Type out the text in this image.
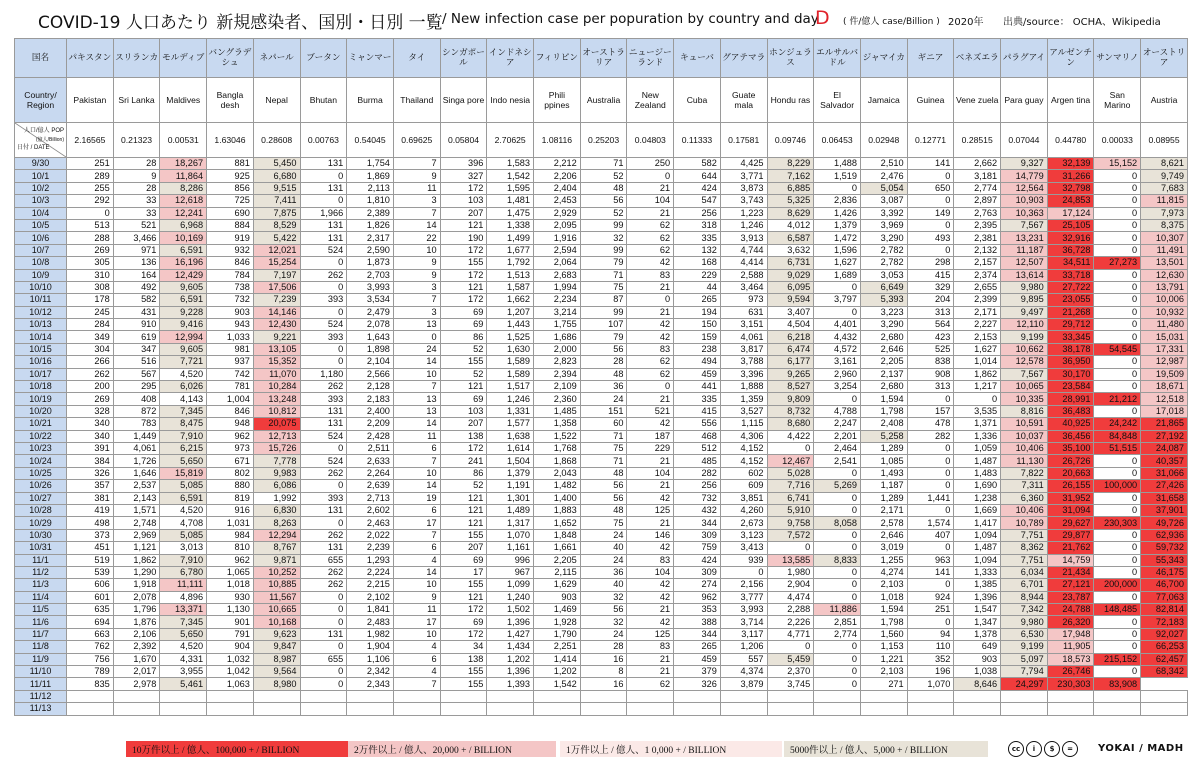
COVID-19 人口あたり 新規感染者、国別・日別 一覧 / New infection case per popuration by country and day
D ( 件/億人 case/Billion ) 2020年 出典/source： OCHA、Wikipedia
国名	パキスタン	スリランカ	モルディブ	バングラデシュ	ネパール	ブータン	ミャンマー	タイ	シンガポール	インドネシア	フィリピン	オーストラリア	ニュージーランド	キューバ	グアテマラ	ホンジュラス	エルサルバドル	ジャマイカ	ギニア	ベネズエラ	パラグアイ	アルゼンチン	サンマリノ	オーストリア
Country/ Region	Pakistan	Sri Lanka	Maldives	Bangla desh	Nepal	Bhutan	Burma	Thailand	Singa pore	Indo nesia	Phili ppines	Australia	New Zealand	Cuba	Guate mala	Hondu ras	El Salvador	Jamaica	Guinea	Vene zuela	Para guay	Argen tina	San Marino	Austria

人口/億人 POP
(億人/Billion)
日付 / DATE	2.16565	0.21323	0.00531	1.63046	0.28608	0.00763	0.54045	0.69625	0.05804	2.70625	1.08116	0.25203	0.04803	0.11333	0.17581	0.09746	0.06453	0.02948	0.12771	0.28515	0.07044	0.44780	0.00033	0.08955
9/30	251	28	18,267	881	5,450	131	1,754	7	396	1,583	2,212	71	250	582	4,425	8,229	1,488	2,510	141	2,662	9,327	32,139	15,152	8,621
10/1	289	9	11,864	925	6,680	0	1,869	9	327	1,542	2,206	52	0	644	3,771	7,162	1,519	2,476	0	3,181	14,779	31,266	0	9,749
10/2	255	28	8,286	856	9,515	131	2,113	11	172	1,595	2,404	48	21	424	3,873	6,885	0	5,054	650	2,774	12,564	32,798	0	7,683
10/3	292	33	12,618	725	7,411	0	1,810	3	103	1,481	2,453	56	104	547	3,743	5,325	2,836	3,087	0	2,897	10,903	24,853	0	11,815
10/4	0	33	12,241	690	7,875	1,966	2,389	7	207	1,475	2,929	52	21	256	1,223	8,629	1,426	3,392	149	2,763	10,363	17,124	0	7,973
10/5	513	521	6,968	884	8,529	131	1,826	14	121	1,338	2,095	99	62	318	1,246	4,012	1,379	3,969	0	2,395	7,567	25,105	0	8,375
10/6	288	3,466	10,169	919	5,422	131	2,317	22	190	1,499	1,916	32	62	335	3,913	6,587	1,472	3,290	493	2,381	13,231	32,916	0	10,307
10/7	269	971	6,591	932	12,021	524	2,590	10	172	1,677	2,594	99	62	132	4,744	3,632	1,596	2,782	0	2,132	11,187	36,728	0	11,491
10/8	305	136	16,196	846	15,254	0	1,873	9	155	1,792	2,064	79	42	168	4,414	6,731	1,627	2,782	298	2,157	12,507	34,511	27,273	13,501
10/9	310	164	12,429	784	7,197	262	2,703	9	172	1,513	2,683	71	83	229	2,588	9,029	1,689	3,053	415	2,374	13,614	33,718	0	12,630
10/10	308	492	9,605	738	17,506	0	3,993	3	121	1,587	1,994	75	21	44	3,464	6,095	0	6,649	329	2,655	9,980	27,722	0	13,791
10/11	178	582	6,591	732	7,239	393	3,534	7	172	1,662	2,234	87	0	265	973	9,594	3,797	5,393	204	2,399	9,895	23,055	0	10,006
10/12	245	431	9,228	903	14,146	0	2,479	3	69	1,207	3,214	99	21	194	631	3,407	0	3,223	313	2,171	9,497	21,268	0	10,932
10/13	284	910	9,416	943	12,430	524	2,078	13	69	1,443	1,755	107	42	150	3,151	4,504	4,401	3,290	564	2,227	12,110	29,712	0	11,480
10/14	349	619	12,994	1,033	9,221	393	1,643	0	86	1,525	1,686	79	42	159	4,061	6,218	4,432	2,680	423	2,153	9,199	33,345	0	15,031
10/15	304	347	9,605	981	13,105	0	1,898	24	52	1,630	2,000	56	83	238	3,817	6,474	4,572	2,646	525	1,627	10,662	38,178	54,545	17,331
10/16	266	516	7,721	937	15,352	0	2,104	14	155	1,589	2,823	28	62	494	3,788	6,177	3,161	2,205	838	1,014	12,578	36,950	0	12,987
10/17	262	567	4,520	742	11,070	1,180	2,566	10	52	1,589	2,394	48	62	459	3,396	9,265	2,960	2,137	908	1,862	7,567	30,170	0	19,509
10/18	200	295	6,026	781	10,284	262	2,128	7	121	1,517	2,109	36	0	441	1,888	8,527	3,254	2,680	313	1,217	10,065	23,584	0	18,671
10/19	269	408	4,143	1,004	13,248	393	2,183	13	69	1,246	2,360	24	21	335	1,359	9,809	0	1,594	0	0	10,335	28,991	21,212	12,518
10/20	328	872	7,345	846	10,812	131	2,400	13	103	1,331	1,485	151	521	415	3,527	8,732	4,788	1,798	157	3,535	8,816	36,483	0	17,018
10/21	340	783	8,475	948	20,075	131	2,209	14	207	1,577	1,358	60	42	556	1,115	8,680	2,247	2,408	478	1,371	10,591	40,925	24,242	21,865
10/22	340	1,449	7,910	962	12,713	524	2,428	11	138	1,638	1,522	71	187	468	4,306	4,422	2,201	5,258	282	1,336	10,037	36,456	84,848	27,192
10/23	391	4,061	6,215	973	15,726	0	2,511	6	172	1,614	1,768	75	229	512	4,152	0	2,464	1,289	0	1,059	10,406	35,100	51,515	24,087
10/24	384	1,726	5,650	671	7,778	524	2,633	7	241	1,504	1,868	71	21	485	4,152	12,467	2,541	1,085	0	1,487	11,130	26,726	0	40,357
10/25	326	1,646	15,819	802	9,983	262	2,264	10	86	1,379	2,043	48	104	282	602	5,028	0	1,493	0	1,483	7,822	20,663	0	31,066
10/26	357	2,537	5,085	880	6,086	0	2,639	14	52	1,191	1,482	56	21	256	609	7,716	5,269	1,187	0	1,690	7,311	26,155	100,000	27,426
10/27	381	2,143	6,591	819	1,992	393	2,713	19	121	1,301	1,400	56	42	732	3,851	6,741	0	1,289	1,441	1,238	6,360	31,952	0	31,658
10/28	419	1,571	4,520	916	6,830	131	2,602	6	121	1,489	1,883	48	125	432	4,260	5,910	0	2,171	0	1,669	10,406	31,094	0	37,901
10/29	498	2,748	4,708	1,031	8,263	0	2,463	17	121	1,317	1,652	75	21	344	2,673	9,758	8,058	2,578	1,574	1,417	10,789	29,627	230,303	49,726
10/30	373	2,969	5,085	984	12,294	262	2,022	7	155	1,070	1,848	24	146	309	3,123	7,572	0	2,646	407	1,094	7,751	29,877	0	62,936
10/31	451	1,121	3,013	810	8,767	131	2,239	6	207	1,161	1,661	40	42	759	3,413	0	0	3,019	0	1,487	8,362	21,762	0	59,732
11/1	519	1,862	7,910	962	9,871	655	1,293	4	69	996	2,205	24	83	424	939	13,585	8,833	1,255	963	1,094	7,751	14,759	0	55,343
11/2	539	1,290	6,780	1,065	10,252	262	2,224	14	17	967	2,115	36	104	309	0	1,980	0	4,274	141	1,333	6,034	21,434	0	46,175
11/3	606	1,918	11,111	1,018	10,885	262	2,215	10	155	1,099	1,629	40	42	274	2,156	2,904	0	2,103	0	1,385	6,701	27,121	200,000	46,700
11/4	601	2,078	4,896	930	11,567	0	2,102	9	121	1,240	903	32	42	962	3,777	4,474	0	1,018	924	1,396	8,944	23,787	0	77,063
11/5	635	1,796	13,371	1,130	10,665	0	1,841	11	172	1,502	1,469	56	21	353	3,993	2,288	11,886	1,594	251	1,547	7,342	24,788	148,485	82,814
11/6	694	1,876	7,345	901	10,168	0	2,483	17	69	1,396	1,928	32	42	388	3,714	2,226	2,851	1,798	0	1,347	9,980	26,320	0	72,183
11/7	663	2,106	5,650	791	9,623	131	1,982	10	172	1,427	1,790	24	125	344	3,117	4,771	2,774	1,560	94	1,378	6,530	17,948	0	92,027
11/8	762	2,392	4,520	904	9,847	0	1,904	4	34	1,434	2,251	28	83	265	1,206	0	0	1,153	110	649	9,199	11,905	0	66,253
11/9	756	1,670	4,331	1,032	8,987	655	1,106	6	138	1,202	1,414	16	21	459	557	5,459	0	1,221	352	903	5,097	18,573	215,152	62,457
11/10	789	2,017	3,955	1,042	9,564	0	2,342	4	155	1,396	1,202	8	21	379	4,374	2,370	0	2,103	196	1,038	7,794	26,746	0	68,342
11/11	835	2,978	5,461	1,063	8,980	0	2,343	7	155	1,393	1,542	16	62	326	3,879	3,745	0	271	1,070	8,646	24,297	230,303	83,908	
11/12																								
11/13																								
10万件以上 / 億人、100,000 + / BILLION	2万件以上 / 億人、20,000 + / BILLION	1万件以上 / 億人、1 0,000 + / BILLION	5000件以上 / 億人、5,000 + / BILLION	cc	i	$	=	YOKAI / MADH
